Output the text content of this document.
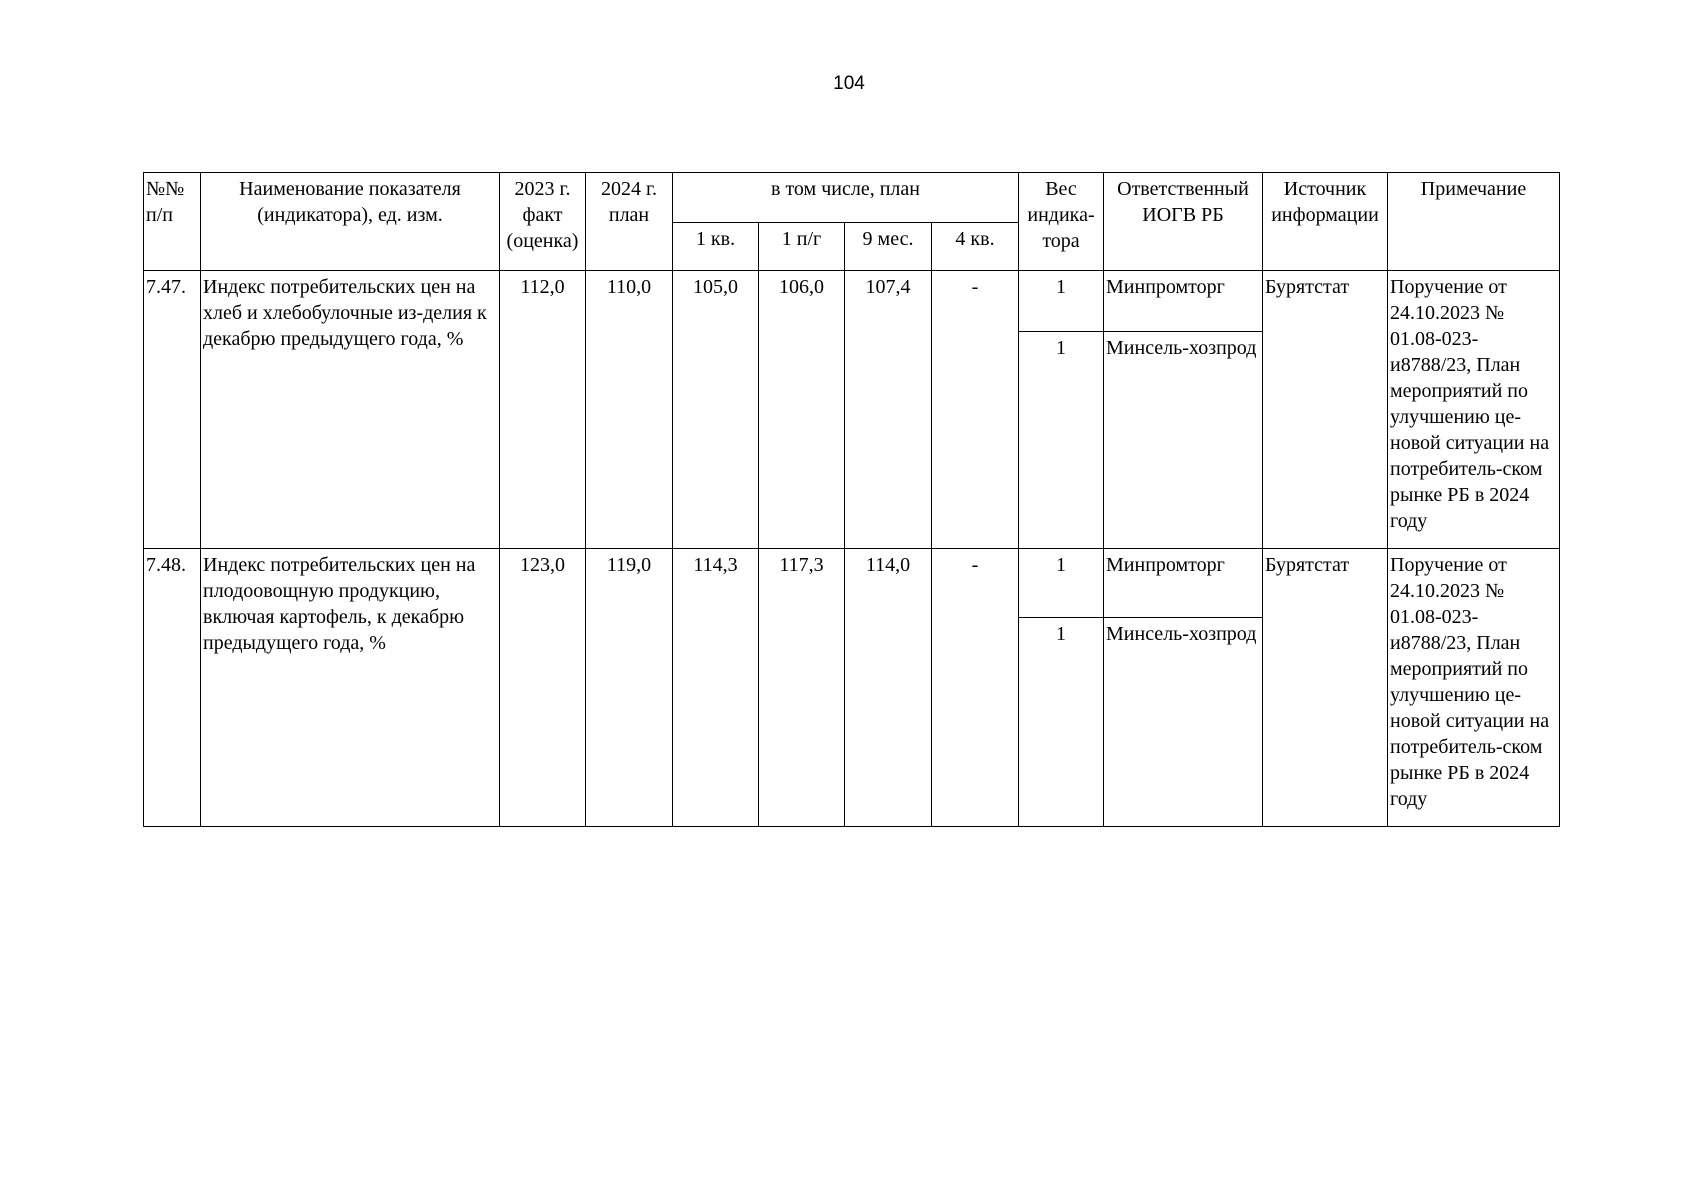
104
№№ п/п	Наименование показателя (индикатора), ед. изм.	2023 г. факт (оценка)	2024 г. план	в том числе, план				Вес индика-тора	Ответственный ИОГВ РБ	Источник информации	Примечание
				1 кв.	1 п/г	9 мес.	4 кв.				
7.47.	Индекс потребительских цен на хлеб и хлебобулочные из-делия к декабрю предыдущего года, %	112,0	110,0	105,0	106,0	107,4	-	1	Минпромторг	Бурятстат	Поручение от 24.10.2023 № 01.08-023-и8788/23, План мероприятий по улучшению це-новой ситуации на потребитель-ском рынке РБ в 2024 году
								1	Минсель-хозпрод		
7.48.	Индекс потребительских цен на плодоовощную продукцию, включая картофель, к декабрю предыдущего года, %	123,0	119,0	114,3	117,3	114,0	-	1	Минпромторг	Бурятстат	Поручение от 24.10.2023 № 01.08-023-и8788/23, План мероприятий по улучшению це-новой ситуации на потребитель-ском рынке РБ в 2024 году
								1	Минсель-хозпрод		
